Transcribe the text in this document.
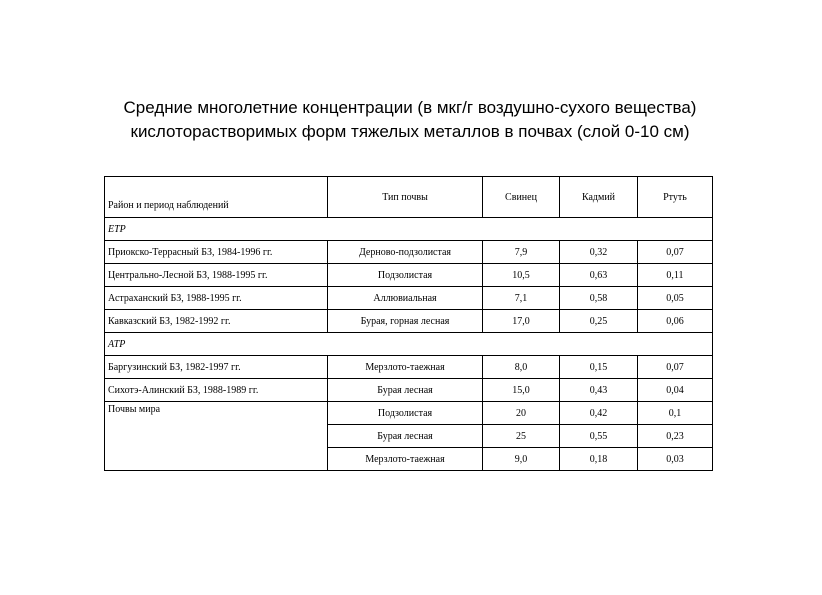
Средние многолетние концентрации (в мкг/г воздушно-сухого вещества)
кислоторастворимых форм тяжелых металлов в почвах (слой 0-10 см)
Район и период наблюдений	Тип почвы	Свинец	Кадмий	Ртуть
ЕТР				
Приокско-Террасный БЗ, 1984-1996 гг.	Дерново-подзолистая	7,9	0,32	0,07
Центрально-Лесной БЗ, 1988-1995 гг.	Подзолистая	10,5	0,63	0,11
Астраханский БЗ, 1988-1995 гг.	Аллювиальная	7,1	0,58	0,05
Кавказский БЗ, 1982-1992 гг.	Бурая, горная лесная	17,0	0,25	0,06
АТР				
Баргузинский БЗ, 1982-1997 гг.	Мерзлото-таежная	8,0	0,15	0,07
Сихотэ-Алинский БЗ, 1988-1989 гг.	Бурая лесная	15,0	0,43	0,04
Почвы мира	Подзолистая	20	0,42	0,1
	Бурая лесная	25	0,55	0,23
	Мерзлото-таежная	9,0	0,18	0,03
